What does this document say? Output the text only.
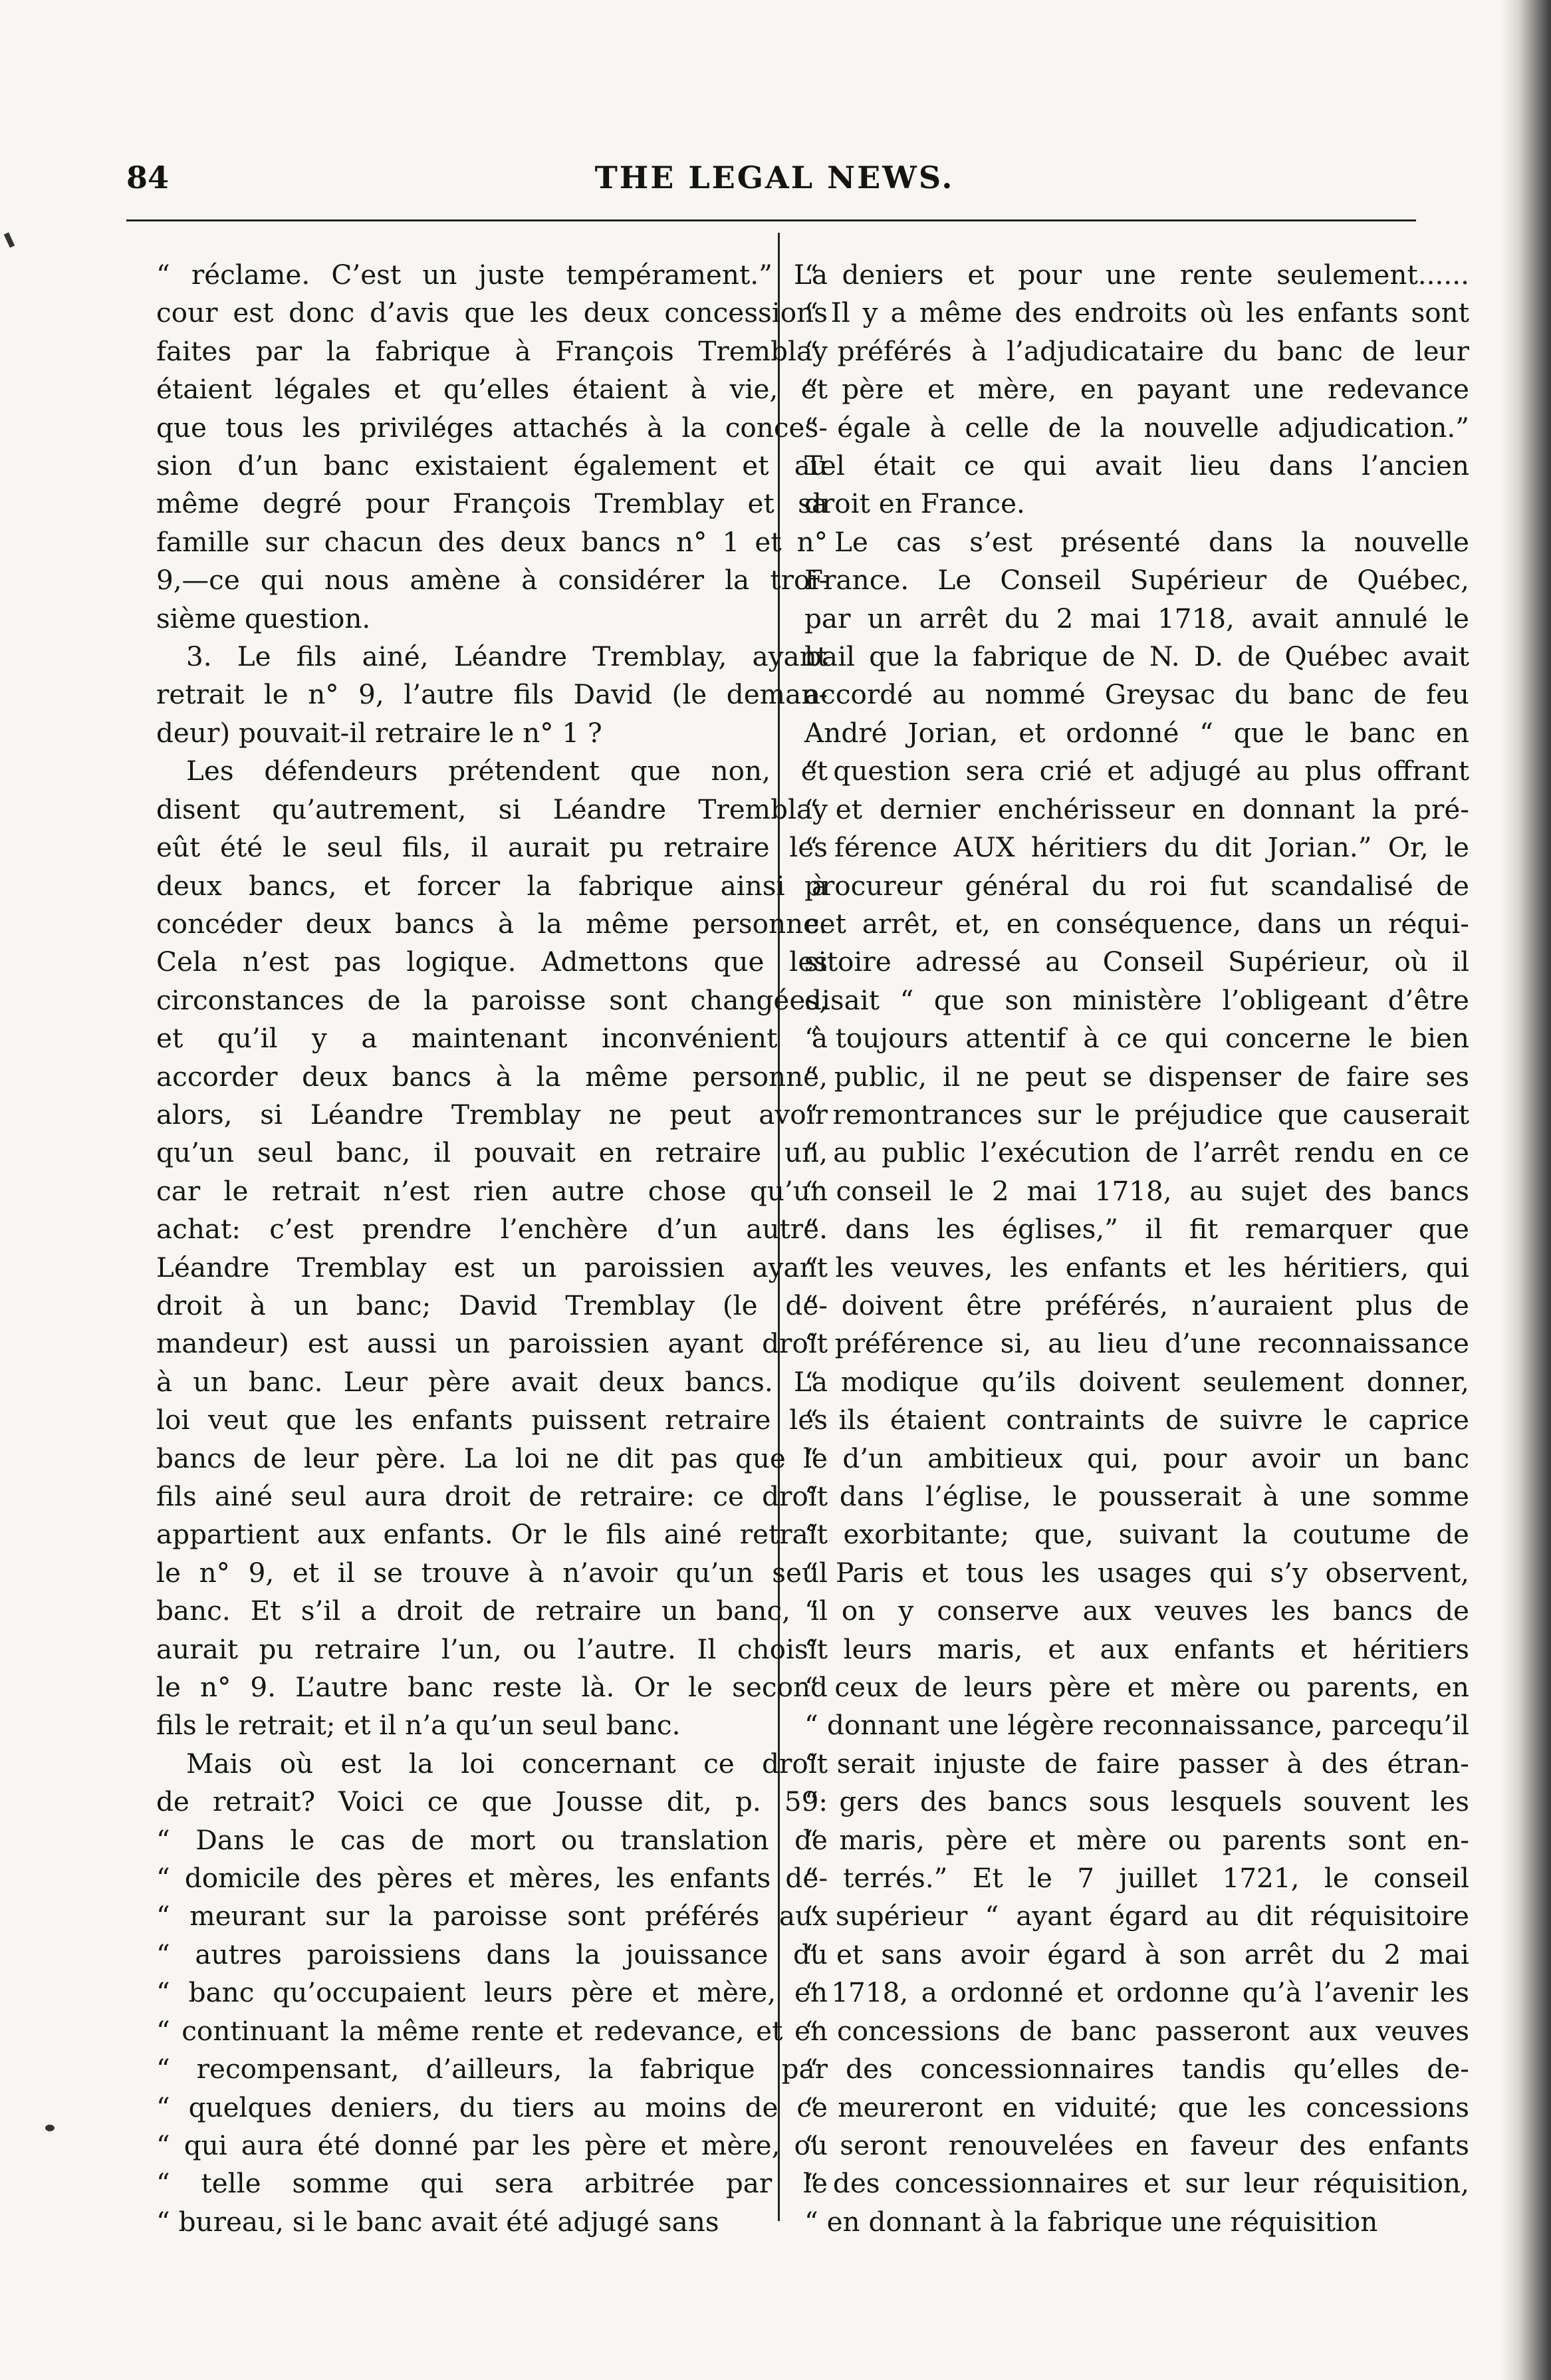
84	THE LEGAL NEWS.
“ réclame. C’est un juste tempérament.” La
cour est donc d’avis que les deux concessions
faites par la fabrique à François Tremblay
étaient légales et qu’elles étaient à vie, et
que tous les priviléges attachés à la conces-
sion d’un banc existaient également et au
même degré pour François Tremblay et sa
famille sur chacun des deux bancs n° 1 et n°
9,—ce qui nous amène à considérer la troi-
sième question.
3. Le fils ainé, Léandre Tremblay, ayant
retrait le n° 9, l’autre fils David (le deman-
deur) pouvait-il retraire le n° 1 ?
Les défendeurs prétendent que non, et
disent qu’autrement, si Léandre Tremblay
eût été le seul fils, il aurait pu retraire les
deux bancs, et forcer la fabrique ainsi à
concéder deux bancs à la même personne.
Cela n’est pas logique. Admettons que les
circonstances de la paroisse sont changées,
et qu’il y a maintenant inconvénient à
accorder deux bancs à la même personne,
alors, si Léandre Tremblay ne peut avoir
qu’un seul banc, il pouvait en retraire un,
car le retrait n’est rien autre chose qu’un
achat: c’est prendre l’enchère d’un autre.
Léandre Tremblay est un paroissien ayant
droit à un banc; David Tremblay (le de-
mandeur) est aussi un paroissien ayant droit
à un banc. Leur père avait deux bancs. La
loi veut que les enfants puissent retraire les
bancs de leur père. La loi ne dit pas que le
fils ainé seul aura droit de retraire: ce droit
appartient aux enfants. Or le fils ainé retrait
le n° 9, et il se trouve à n’avoir qu’un seul
banc. Et s’il a droit de retraire un banc, il
aurait pu retraire l’un, ou l’autre. Il choisit
le n° 9. L’autre banc reste là. Or le second
fils le retrait; et il n’a qu’un seul banc.
Mais où est la loi concernant ce droit
de retrait? Voici ce que Jousse dit, p. 59:
“ Dans le cas de mort ou translation de
“ domicile des pères et mères, les enfants de-
“ meurant sur la paroisse sont préférés aux
“ autres paroissiens dans la jouissance du
“ banc qu’occupaient leurs père et mère, en
“ continuant la même rente et redevance, et en
“ recompensant, d’ailleurs, la fabrique par
“ quelques deniers, du tiers au moins de ce
“ qui aura été donné par les père et mère, ou
“ telle somme qui sera arbitrée par le
“ bureau, si le banc avait été adjugé sans
“ deniers et pour une rente seulement......
“ Il y a même des endroits où les enfants sont
“ préférés à l’adjudicataire du banc de leur
“ père et mère, en payant une redevance
“ égale à celle de la nouvelle adjudication.”
Tel était ce qui avait lieu dans l’ancien
droit en France.
Le cas s’est présenté dans la nouvelle
France. Le Conseil Supérieur de Québec,
par un arrêt du 2 mai 1718, avait annulé le
bail que la fabrique de N. D. de Québec avait
accordé au nommé Greysac du banc de feu
André Jorian, et ordonné “ que le banc en
“ question sera crié et adjugé au plus offrant
“ et dernier enchérisseur en donnant la pré-
“ férence AUX héritiers du dit Jorian.” Or, le
procureur général du roi fut scandalisé de
cet arrêt, et, en conséquence, dans un réqui-
sitoire adressé au Conseil Supérieur, où il
disait “ que son ministère l’obligeant d’être
“ toujours attentif à ce qui concerne le bien
“ public, il ne peut se dispenser de faire ses
“ remontrances sur le préjudice que causerait
“ au public l’exécution de l’arrêt rendu en ce
“ conseil le 2 mai 1718, au sujet des bancs
“ dans les églises,” il fit remarquer que
“ les veuves, les enfants et les héritiers, qui
“ doivent être préférés, n’auraient plus de
“ préférence si, au lieu d’une reconnaissance
“ modique qu’ils doivent seulement donner,
“ ils étaient contraints de suivre le caprice
“ d’un ambitieux qui, pour avoir un banc
“ dans l’église, le pousserait à une somme
“ exorbitante; que, suivant la coutume de
“ Paris et tous les usages qui s’y observent,
“ on y conserve aux veuves les bancs de
“ leurs maris, et aux enfants et héritiers
“ ceux de leurs père et mère ou parents, en
“ donnant une légère reconnaissance, parcequ’il
“ serait injuste de faire passer à des étran-
“ gers des bancs sous lesquels souvent les
“ maris, père et mère ou parents sont en-
“ terrés.” Et le 7 juillet 1721, le conseil
“ supérieur “ ayant égard au dit réquisitoire
“ et sans avoir égard à son arrêt du 2 mai
“ 1718, a ordonné et ordonne qu’à l’avenir les
“ concessions de banc passeront aux veuves
“ des concessionnaires tandis qu’elles de-
“ meureront en viduité; que les concessions
“ seront renouvelées en faveur des enfants
“ des concessionnaires et sur leur réquisition,
“ en donnant à la fabrique une réquisition
